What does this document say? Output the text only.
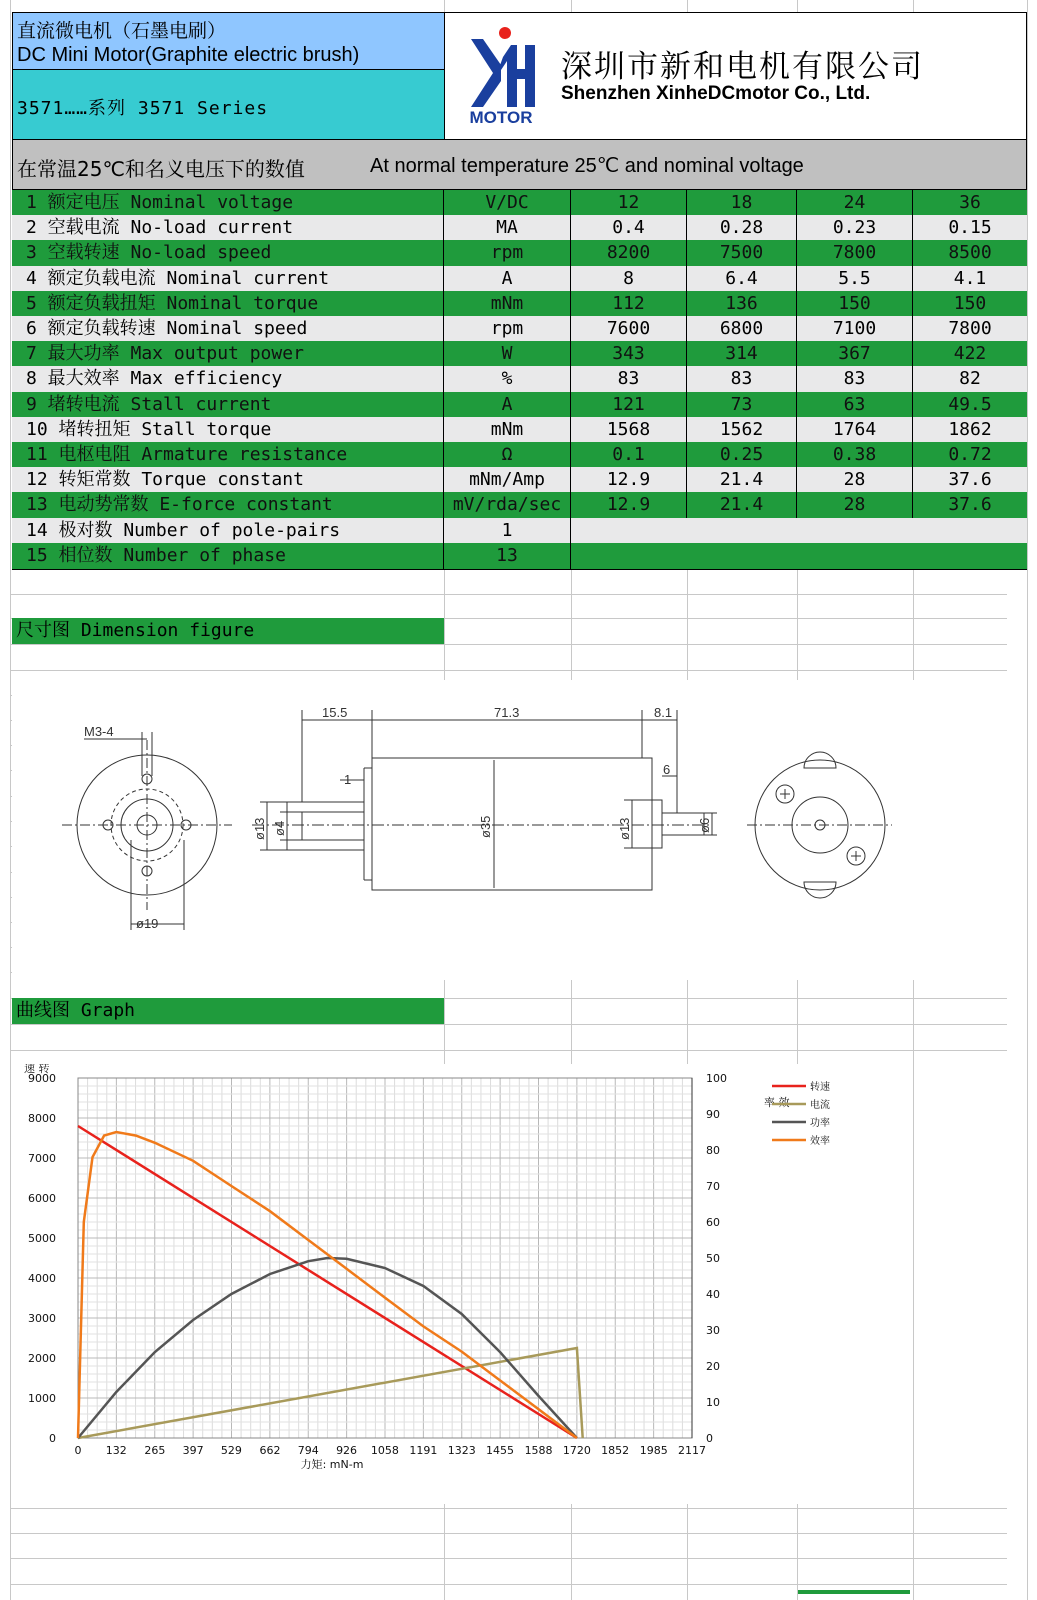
直流微电机（石墨电刷）
DC Mini Motor(Graphite electric brush)
3571……系列 3571 Series	MOTOR
深圳市新和电机有限公司
Shenzhen XinheDCmotor Co., Ltd.
在常温25℃和名义电压下的数值	At normal temperature 25℃ and nominal voltage
1 额定电压 Nominal voltage	V/DC	12	18	24	36
2 空载电流 No-load current	MA	0.4	0.28	0.23	0.15
3 空载转速 No-load speed	rpm	8200	7500	7800	8500
4 额定负载电流 Nominal current	A	8	6.4	5.5	4.1
5 额定负载扭矩 Nominal torque	mNm	112	136	150	150
6 额定负载转速 Nominal speed	rpm	7600	6800	7100	7800
7 最大功率 Max output power	W	343	314	367	422
8 最大效率 Max efficiency	%	83	83	83	82
9 堵转电流 Stall current	A	121	73	63	49.5
10 堵转扭矩 Stall torque	mNm	1568	1562	1764	1862
11 电枢电阻 Armature resistance	Ω	0.1	0.25	0.38	0.72
12 转矩常数 Torque constant	mNm/Amp	12.9	21.4	28	37.6
13 电动势常数 E-force constant	mV/rda/sec	12.9	21.4	28	37.6
14 极对数 Number of pole-pairs	1
15 相位数 Number of phase	13
尺寸图 Dimension figure
M3-4
ø19
15.5	71.3	8.1
6
1
ø13 ø4	ø35	ø13	ø6
曲线图 Graph
0 132 265 397 529 662 794 926 1058 1191 1323 1455 1588 1720 1852 1985 2117
0
1000
2000
3000
4000
5000
6000
7000
8000
9000
0
10
20
30
40
50
60
70
80
90
100
速 转
率 效
力矩: mN-m
转速
电流
功率
效率
